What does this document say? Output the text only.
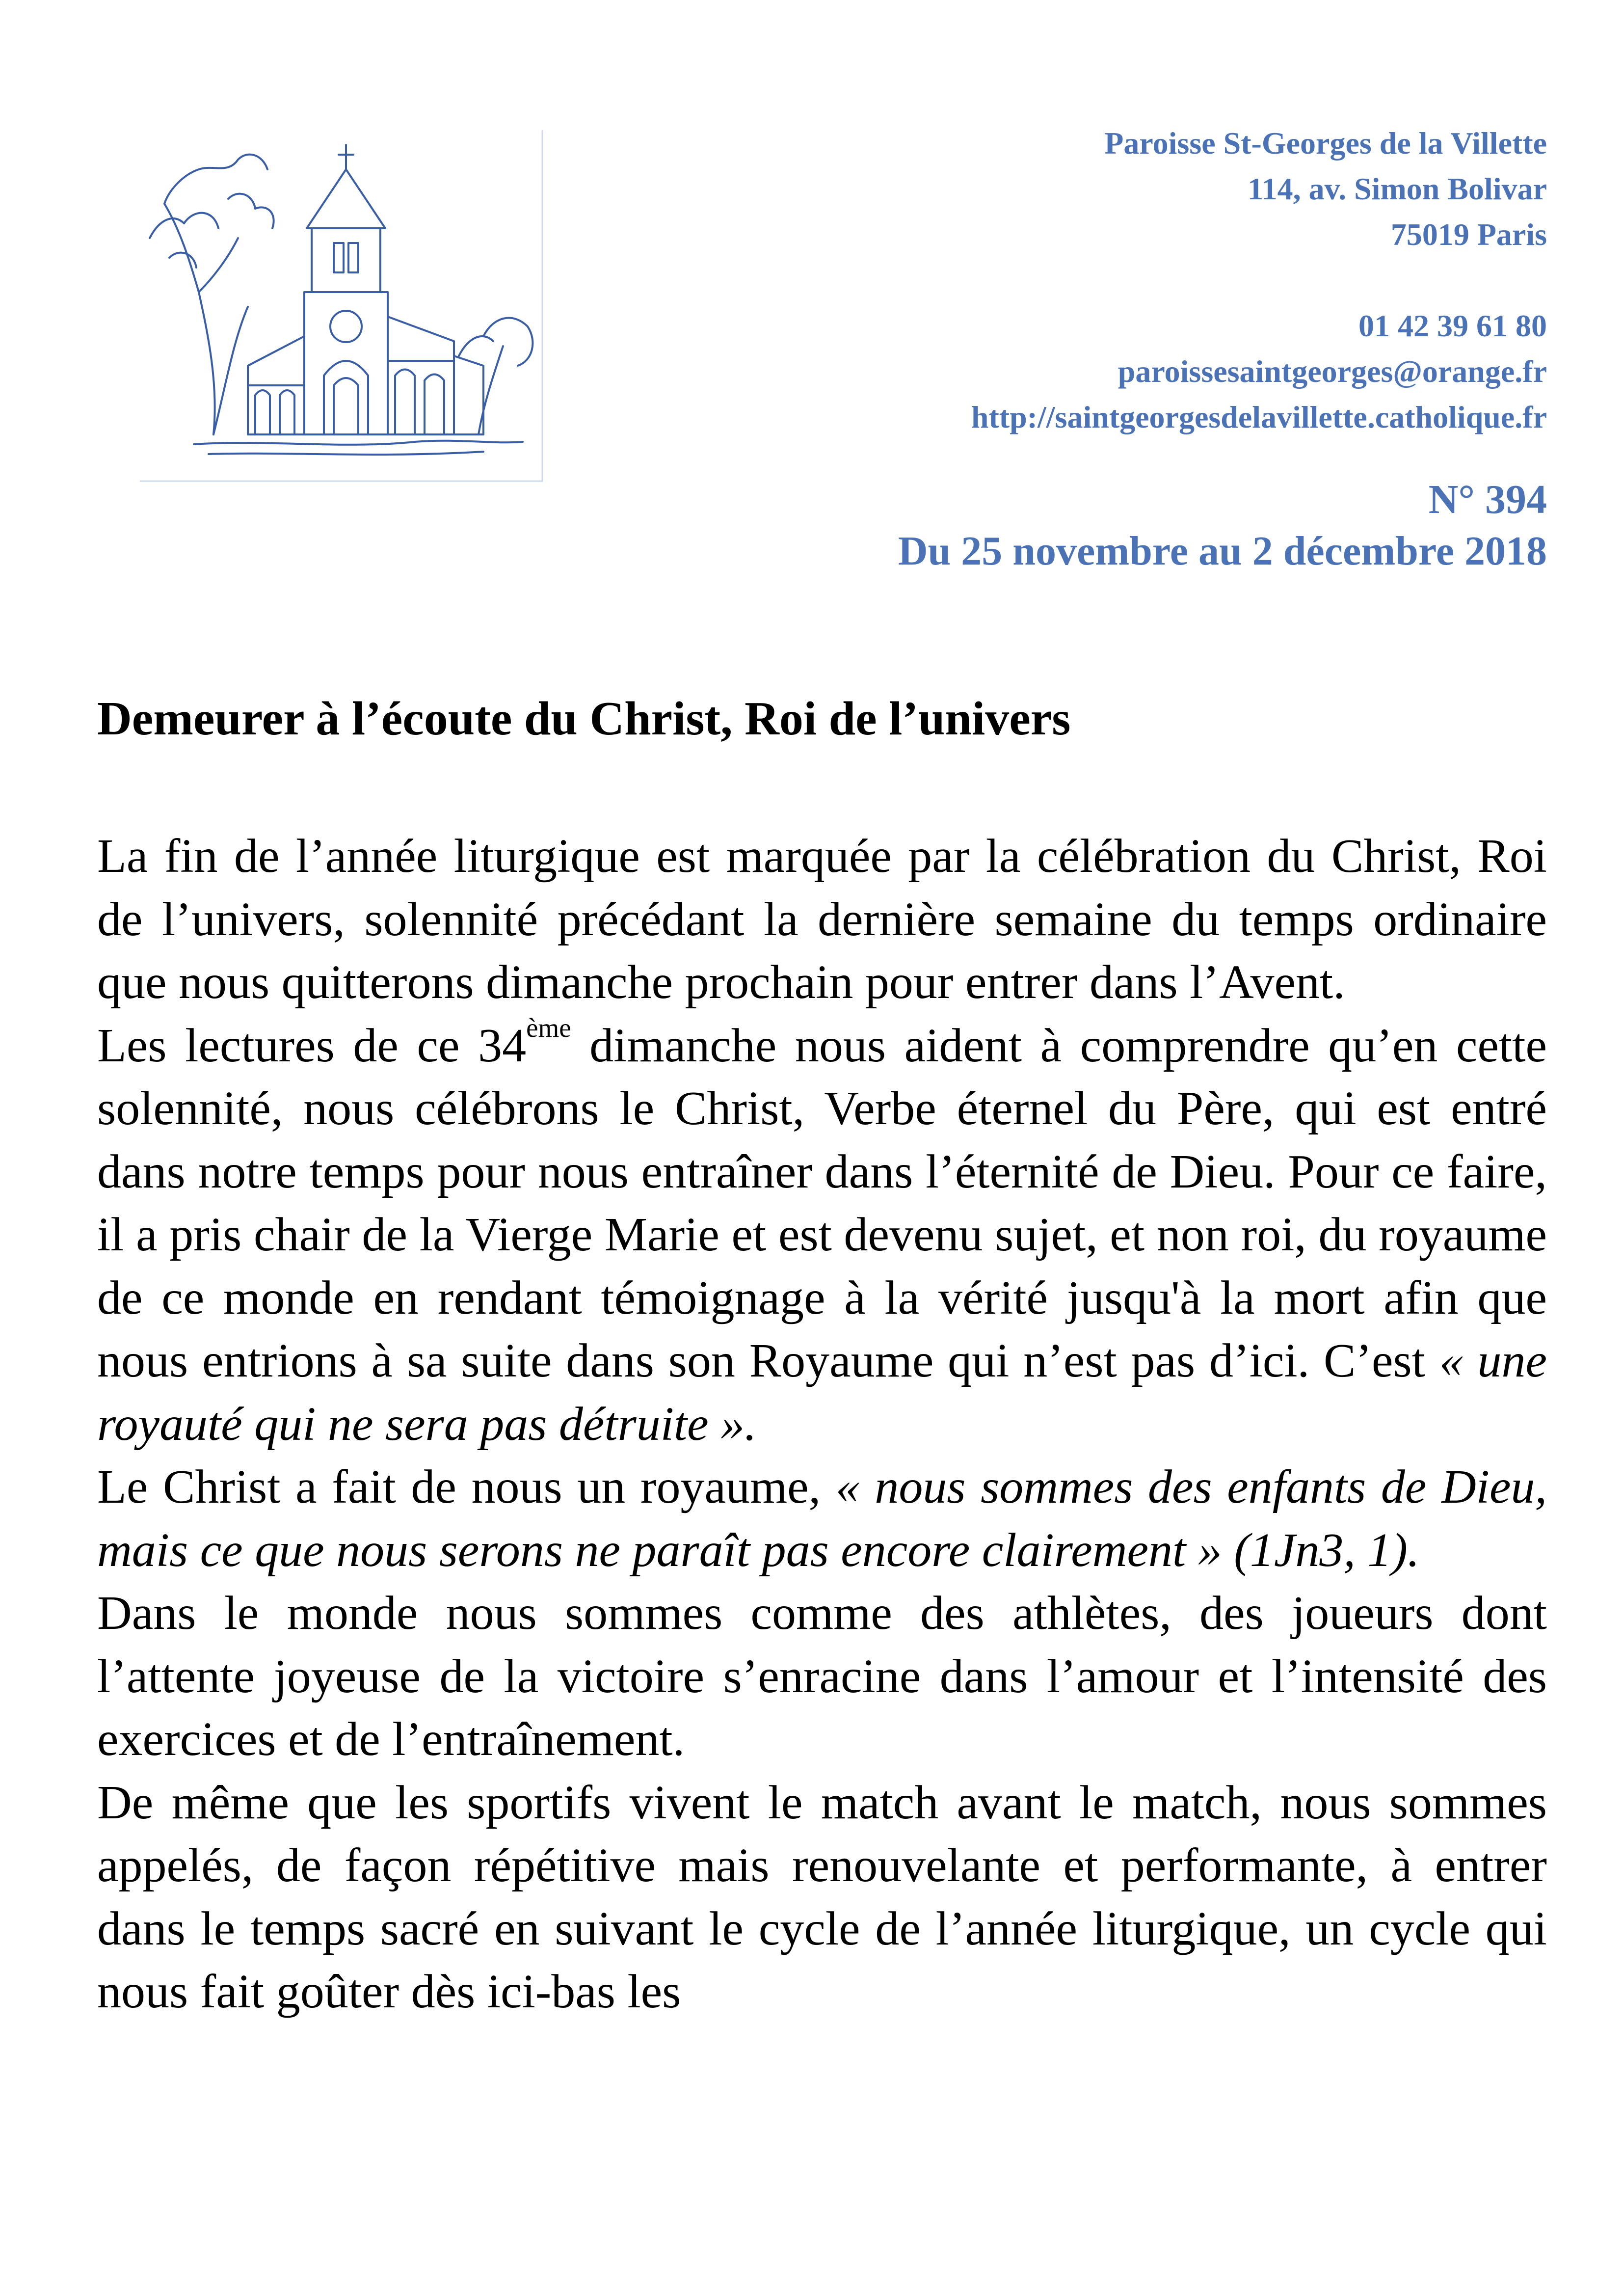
Paroisse St-Georges de la Villette
114, av. Simon Bolivar
75019 Paris
01 42 39 61 80
paroissesaintgeorges@orange.fr
http://saintgeorgesdelavillette.catholique.fr
N° 394
Du 25 novembre au 2 décembre 2018
Demeurer à l’écoute du Christ, Roi de l’univers

La fin de l’année liturgique est marquée par la célébration du Christ, Roi de l’univers, solennité précédant la dernière semaine du temps ordinaire que nous quitterons dimanche prochain pour entrer dans l’Avent.

Les lectures de ce 34ème dimanche nous aident à comprendre qu’en cette solennité, nous célébrons le Christ, Verbe éternel du Père, qui est entré dans notre temps pour nous entraîner dans l’éternité de Dieu. Pour ce faire, il a pris chair de la Vierge Marie et est devenu sujet, et non roi, du royaume de ce monde en rendant témoignage à la vérité jusqu'à la mort afin que nous entrions à sa suite dans son Royaume qui n’est pas d’ici. C’est « une royauté qui ne sera pas détruite ».

Le Christ a fait de nous un royaume, « nous sommes des enfants de Dieu, mais ce que nous serons ne paraît pas encore clairement » (1Jn3, 1).

Dans le monde nous sommes comme des athlètes, des joueurs dont l’attente joyeuse de la victoire s’enracine dans l’amour et l’intensité des exercices et de l’entraînement.

De même que les sportifs vivent le match avant le match, nous sommes appelés, de façon répétitive mais renouvelante et performante, à entrer dans le temps sacré en suivant le cycle de l’année liturgique, un cycle qui nous fait goûter dès ici-bas les
